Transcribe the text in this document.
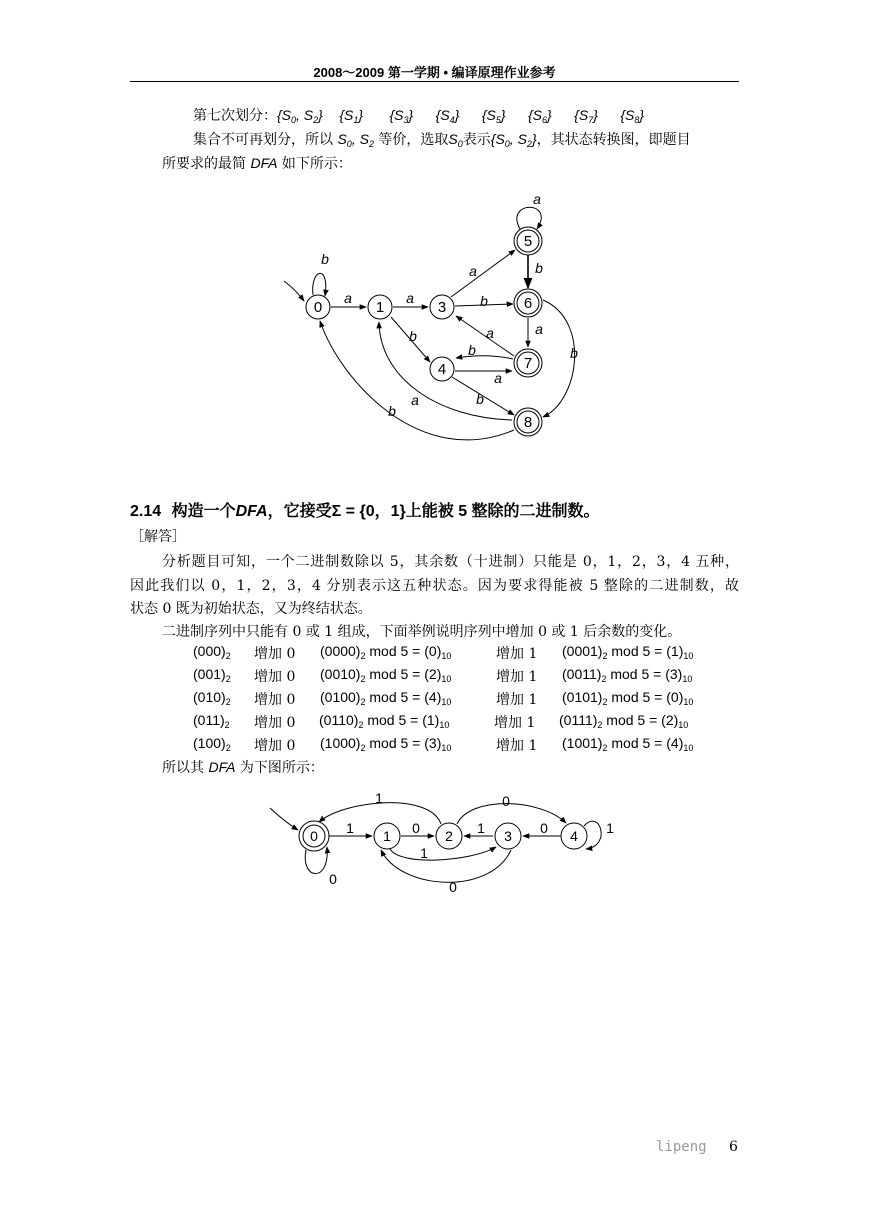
2008～2009 第一学期 • 编译原理作业参考
第七次划分：{$S_0$, $S_2$} $\{S_1\}$ $\{S_3\}$ $\{S_4\}$ $\{S_5\}$ $\{S_6\}$ $\{S_7\}$ $\{S_8\}$
集合不可再划分，所以 $S_0$, $S_2$ 等价，选取$S_0$表示{$S_0$, $S_2$}，其状态转换图，即题目
所要求的最简 DFA 如下所示：
0	1	3
4
5
6
7
8
b
a	a
b
a
b
a
b
a
b
a
b
a
b
a
b
2.14 构造一个DFA，它接受Σ = {0，1}上能被 5 整除的二进制数。
［解答］
分析题目可知，一个二进制数除以 5，其余数（十进制）只能是 0，1，2，3，4 五种，
因此我们以 0，1，2，3，4 分别表示这五种状态。因为要求得能被 5 整除的二进制数，故
状态 0 既为初始状态，又为终结状态。
二进制序列中只能有 0 或 1 组成，下面举例说明序列中增加 0 或 1 后余数的变化。
$(000)_2$ 增加 0 $(0000)_2$ mod $5 = (0)_{10}$	增加 1 $(0001)_2$ mod $5 = (1)_{10}$
$(001)_2$ 增加 0 $(0010)_2$ mod $5 = (2)_{10}$	增加 1 $(0011)_2$ mod $5 = (3)_{10}$
$(010)_2$ 增加 0 $(0100)_2$ mod $5 = (4)_{10}$	增加 1 $(0101)_2$ mod $5 = (0)_{10}$
$(011)_2$ 增加 0 $(0110)_2$ mod $5 = (1)_{10}$	增加 1 $(0111)_2$ mod $5 = (2)_{10}$
$(100)_2$ 增加 0 $(1000)_2$ mod $5 = (3)_{10}$	增加 1 $(1001)_2$ mod $5 = (4)_{10}$
所以其 DFA 为下图所示：
0	1	2	3	4
1	0
1	0
1	0	1
1
0
0
lipeng 6
